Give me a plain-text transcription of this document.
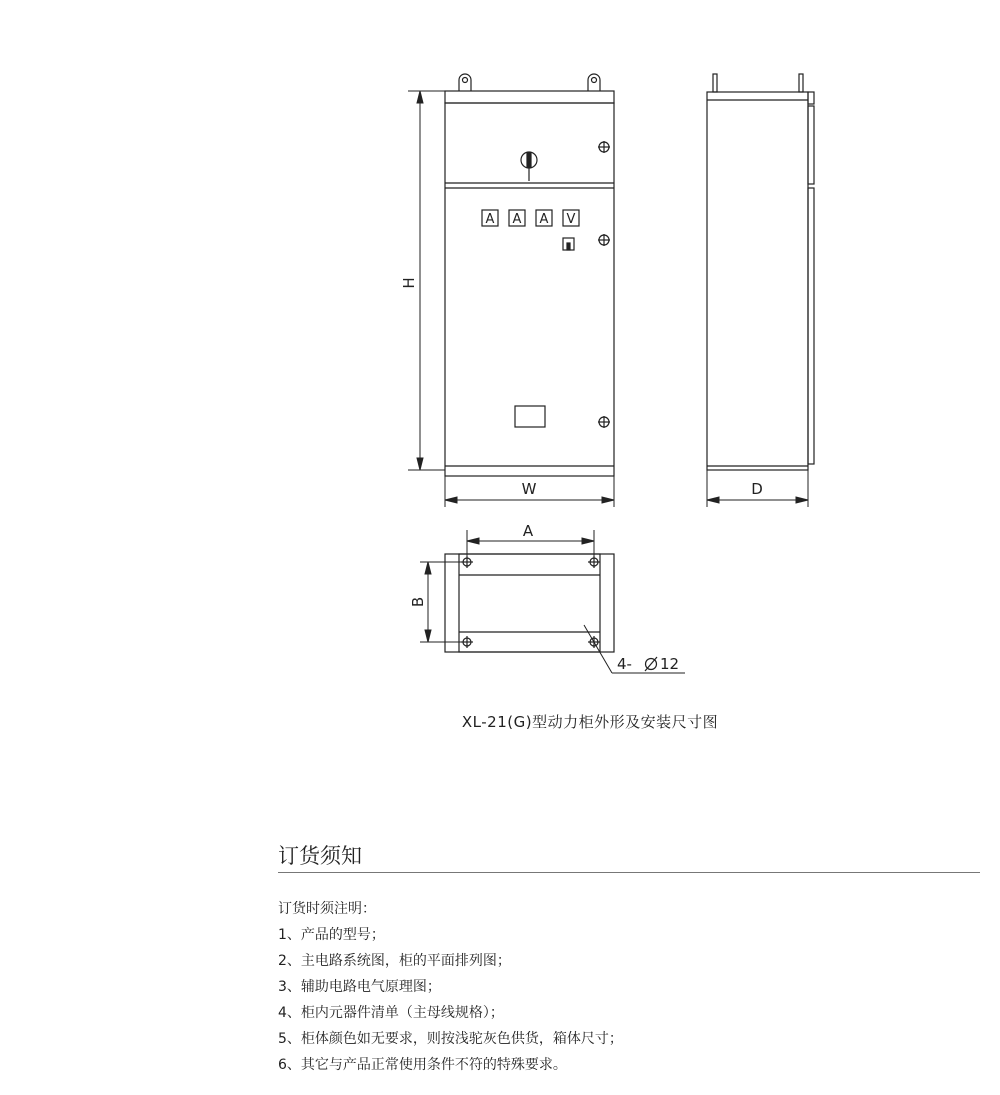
A A A V
H
W	D
A
B
4- 12
XL-21(G)型动力柜外形及安装尺寸图
订货须知
订货时须注明：
1、产品的型号；
2、主电路系统图，柜的平面排列图；
3、辅助电路电气原理图；
4、柜内元器件清单（主母线规格）；
5、柜体颜色如无要求，则按浅驼灰色供货，箱体尺寸；
6、其它与产品正常使用条件不符的特殊要求。
